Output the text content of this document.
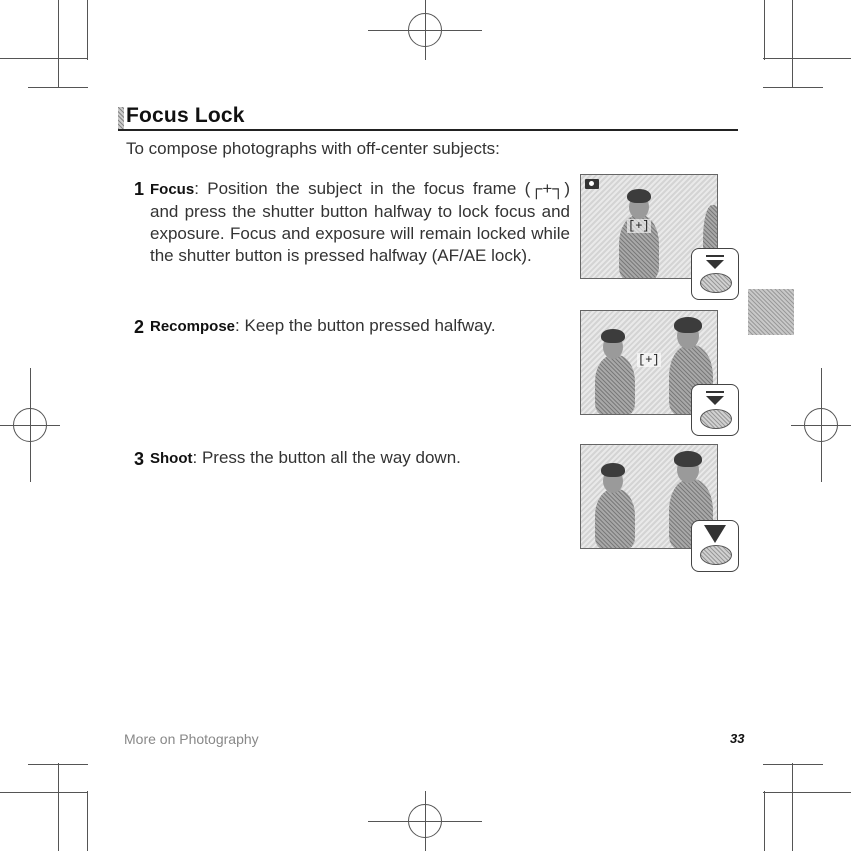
Focus Lock
To compose photographs with off-center subjects:
1 Focus: Position the subject in the focus frame (┌+┐) and press the shutter button halfway to lock focus and exposure. Focus and exposure will remain locked while the shutter button is pressed halfway (AF/AE lock).
2 Recompose: Keep the button pressed halfway.
3 Shoot: Press the button all the way down.
[+]
[+]
More on Photography	33
